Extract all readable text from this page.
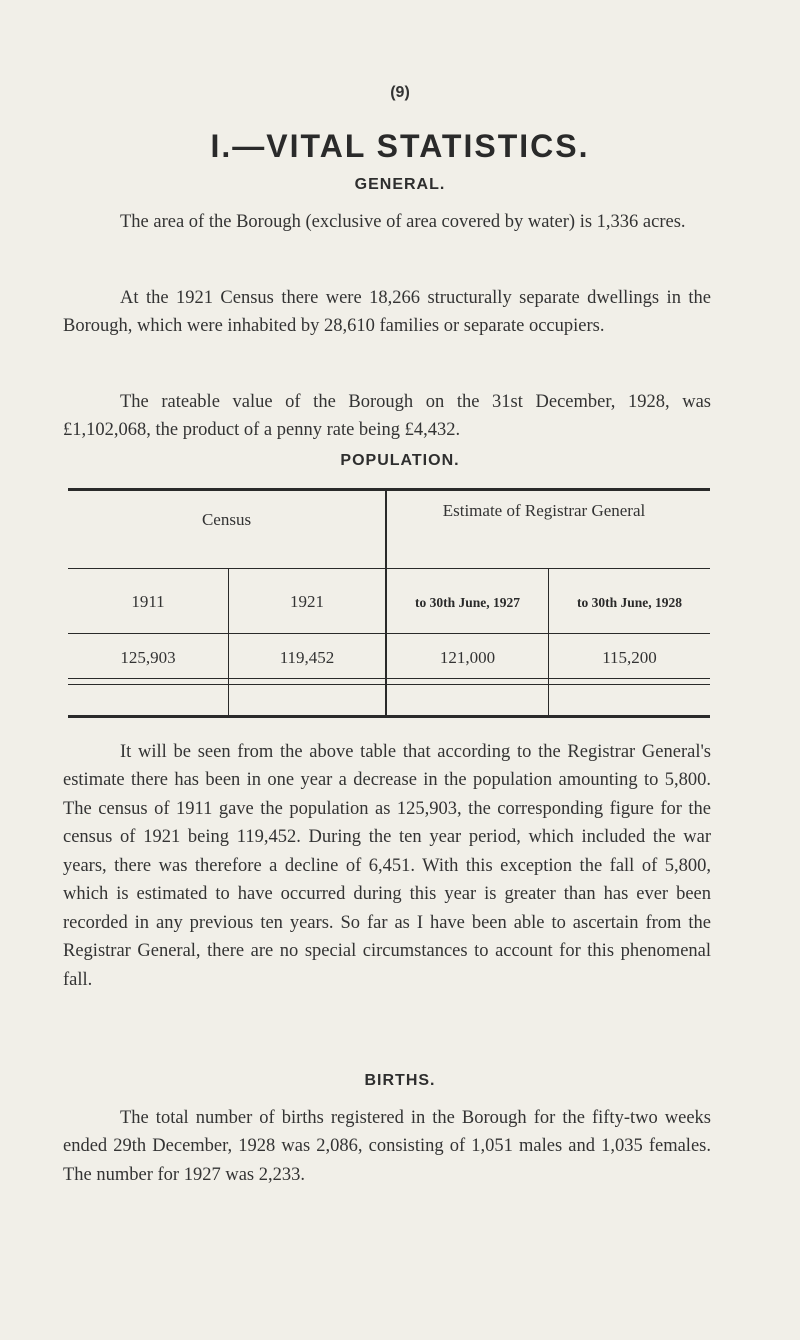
(9)
I.—VITAL STATISTICS.
GENERAL.

The area of the Borough (exclusive of area covered by water) is 1,336 acres.

At the 1921 Census there were 18,266 structurally separate dwellings in the Borough, which were inhabited by 28,610 families or separate occupiers.

The rateable value of the Borough on the 31st December, 1928, was £1,102,068, the product of a penny rate being £4,432.

POPULATION.
Census	Estimate of Registrar General
1911	1921	to 30th June, 1927	to 30th June, 1928
125,903	119,452	121,000	115,200

It will be seen from the above table that according to the Registrar General's estimate there has been in one year a decrease in the population amounting to 5,800. The census of 1911 gave the population as 125,903, the corresponding figure for the census of 1921 being 119,452. During the ten year period, which included the war years, there was therefore a decline of 6,451. With this exception the fall of 5,800, which is estimated to have occurred during this year is greater than has ever been recorded in any previous ten years. So far as I have been able to ascertain from the Registrar General, there are no special circumstances to account for this phenomenal fall.

BIRTHS.

The total number of births registered in the Borough for the fifty-two weeks ended 29th December, 1928 was 2,086, consisting of 1,051 males and 1,035 females. The number for 1927 was 2,233.
